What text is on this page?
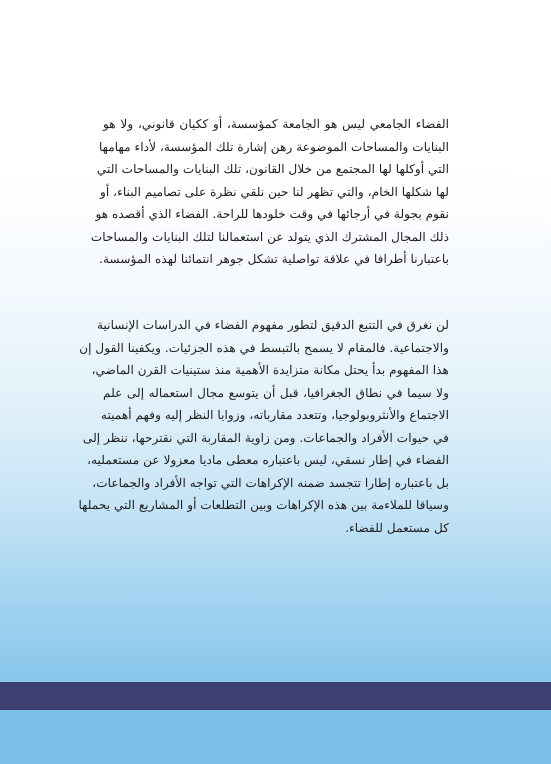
الفضاء الجامعي ليس هو الجامعة كمؤسسة، أو ككيان قانوني، ولا هو
البنايات والمساحات الموضوعة رهن إشارة تلك المؤسسة، لأداء مهامها
التي أوكلها لها المجتمع من خلال القانون، تلك البنايات والمساحات التي
لها شكلها الخام، والتي تظهر لنا حين نلقي نظرة على تصاميم البناء، أو
نقوم بجولة في أرجائها في وقت خلودها للراحة. الفضاء الذي أقصده هو
ذلك المجال المشترك الذي يتولد عن استعمالنا لتلك البنايات والمساحات
باعتبارنا أطرافا في علاقة تواصلية تشكل جوهر انتمائنا لهذه المؤسسة.
لن نغرق في التتبع الدقيق لتطور مفهوم الفضاء في الدراسات الإنسانية
والاجتماعية. فالمقام لا يسمح بالتبسط في هذه الجزئيات. ويكفينا القول إن
هذا المفهوم بدأ يحتل مكانة متزايدة الأهمية منذ ستينيات القرن الماضي،
ولا سيما في نطاق الجغرافيا، قبل أن يتوسع مجال استعماله إلى علم
الاجتماع والأنثروبولوجيا، وتتعدد مقارباته، وزوايا النظر إليه وفهم أهميته
في حيوات الأفراد والجماعات. ومن زاوية المقاربة التي نقترحها، ننظر إلى
الفضاء في إطار نسقي، ليس باعتباره معطى ماديا معزولا عن مستعمليه،
بل باعتباره إطارا تتجسد ضمنه الإكراهات التي تواجه الأفراد والجماعات،
وسياقا للملاءمة بين هذه الإكراهات وبين التطلعات أو المشاريع التي يحملها
كل مستعمل للفضاء.
